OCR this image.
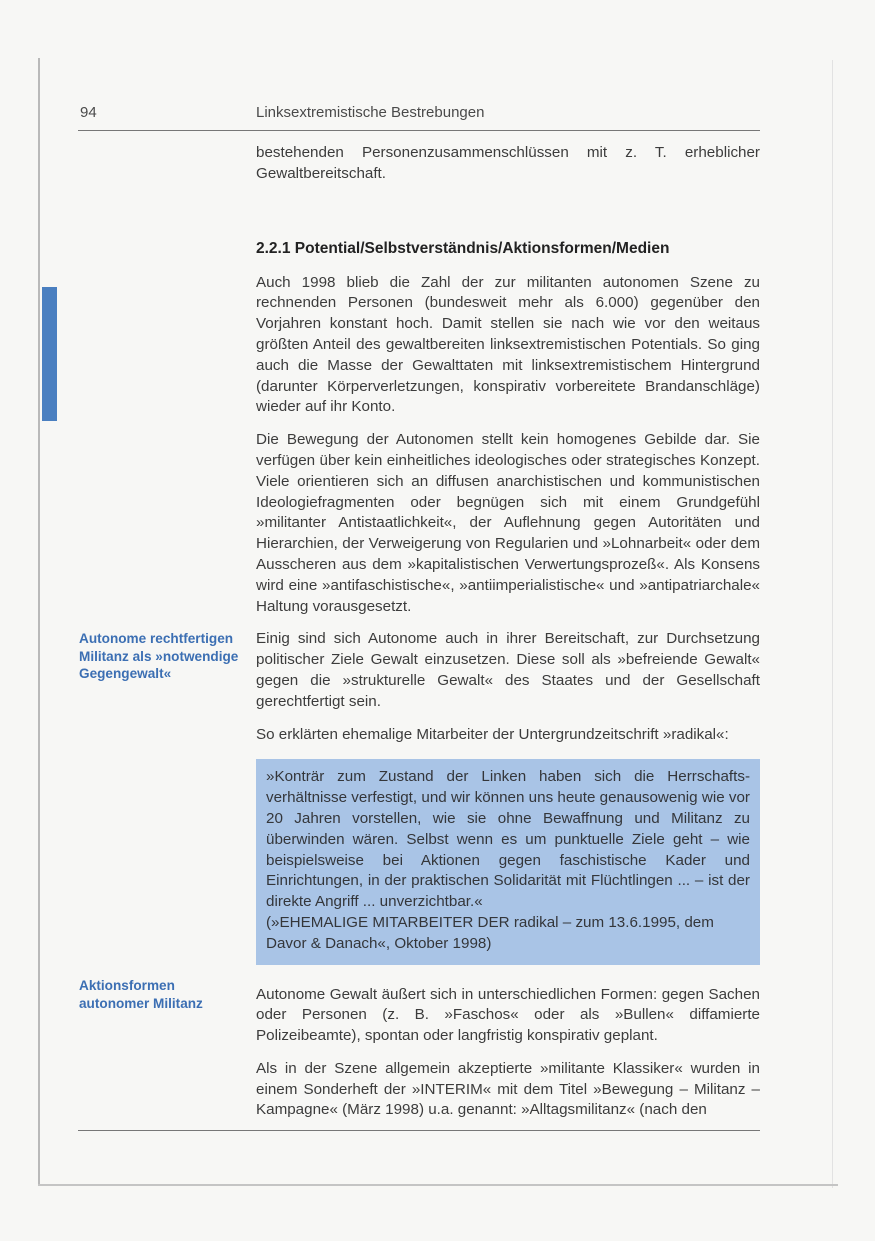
94	Linksextremistische Bestrebungen
Autonome rechtfertigen Militanz als »notwendige Gegengewalt«
Aktionsformen autonomer Militanz

bestehenden Personenzusammenschlüssen mit z. T. erheblicher Gewaltbereitschaft.

2.2.1 Potential/Selbstverständnis/Aktionsformen/Medien

Auch 1998 blieb die Zahl der zur militanten autonomen Szene zu rechnenden Personen (bundesweit mehr als 6.000) gegenüber den Vorjahren konstant hoch. Damit stellen sie nach wie vor den weitaus größten Anteil des gewaltbereiten linksextremistischen Potentials. So ging auch die Masse der Gewalttaten mit linksextremistischem Hintergrund (darunter Körperverletzungen, konspirativ vorbereitete Brandanschläge) wieder auf ihr Konto.

Die Bewegung der Autonomen stellt kein homogenes Gebilde dar. Sie verfügen über kein einheitliches ideologisches oder strategisches Konzept. Viele orientieren sich an diffusen anarchistischen und kommunistischen Ideologiefragmenten oder begnügen sich mit einem Grundgefühl »militanter Antistaatlichkeit«, der Auflehnung gegen Autoritäten und Hierarchien, der Verweigerung von Regularien und »Lohnarbeit« oder dem Ausscheren aus dem »kapitalistischen Verwertungsprozeß«. Als Konsens wird eine »antifaschistische«, »antiimperialistische« und »antipatriarchale« Haltung vorausgesetzt.

Einig sind sich Autonome auch in ihrer Bereitschaft, zur Durchsetzung politischer Ziele Gewalt einzusetzen. Diese soll als »befreiende Gewalt« gegen die »strukturelle Gewalt« des Staates und der Gesellschaft gerechtfertigt sein.

So erklärten ehemalige Mitarbeiter der Untergrundzeitschrift »radikal«:

»Konträr zum Zustand der Linken haben sich die Herrschaftsverhältnisse verfestigt, und wir können uns heute genausowenig wie vor 20 Jahren vorstellen, wie sie ohne Bewaffnung und Militanz zu überwinden wären. Selbst wenn es um punktuelle Ziele geht – wie beispielsweise bei Aktionen gegen faschistische Kader und Einrichtungen, in der praktischen Solidarität mit Flüchtlingen ... – ist der direkte Angriff ... unverzichtbar.«

(»EHEMALIGE MITARBEITER DER radikal – zum 13.6.1995, dem Davor & Danach«, Oktober 1998)

Autonome Gewalt äußert sich in unterschiedlichen Formen: gegen Sachen oder Personen (z. B. »Faschos« oder als »Bullen« diffamierte Polizeibeamte), spontan oder langfristig konspirativ geplant.

Als in der Szene allgemein akzeptierte »militante Klassiker« wurden in einem Sonderheft der »INTERIM« mit dem Titel »Bewegung – Militanz – Kampagne« (März 1998) u.a. genannt: »Alltagsmilitanz« (nach den
